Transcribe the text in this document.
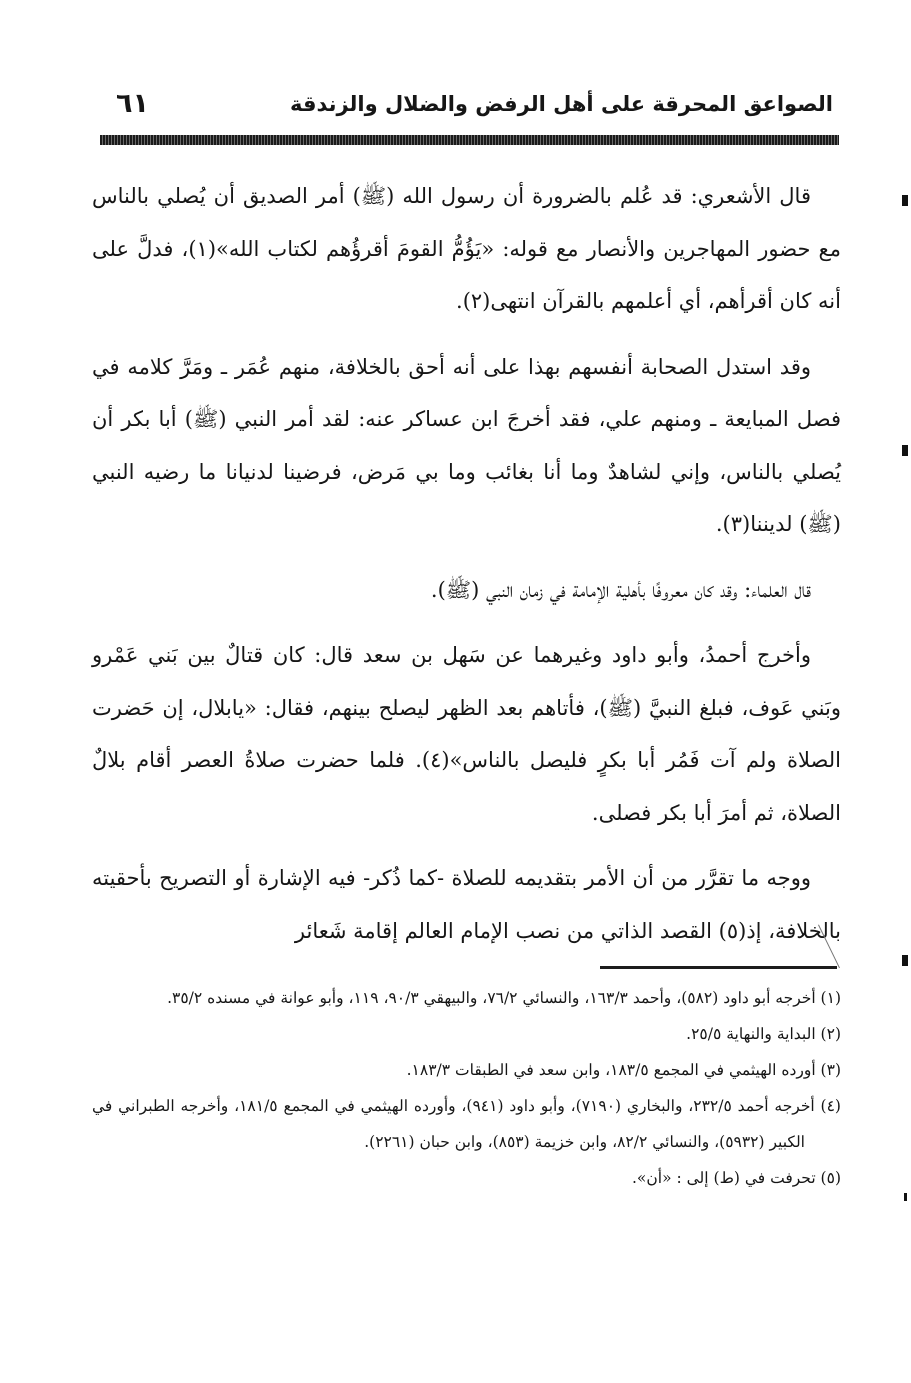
الصواعق المحرقة على أهل الرفض والضلال والزندقة
٦١

قال الأشعري: قد عُلم بالضرورة أن رسول الله (ﷺ) أمر الصديق أن يُصلي بالناس مع حضور المهاجرين والأنصار مع قوله: «يَؤُمُّ القومَ أقرؤُهم لكتاب الله»(١)، فدلَّ على أنه كان أقرأهم، أي أعلمهم بالقرآن انتهى(٢).

وقد استدل الصحابة أنفسهم بهذا على أنه أحق بالخلافة، منهم عُمَر ـ ومَرَّ كلامه في فصل المبايعة ـ ومنهم علي، فقد أخرجَ ابن عساكر عنه: لقد أمر النبي (ﷺ) أبا بكر أن يُصلي بالناس، وإني لشاهدٌ وما أنا بغائب وما بي مَرض، فرضينا لدنيانا ما رضيه النبي (ﷺ) لديننا(٣).

قال العلماء: وقد كان معروفًا بأهلية الإمامة في زمان النبي (ﷺ).

وأخرج أحمدُ، وأبو داود وغيرهما عن سَهل بن سعد قال: كان قتالٌ بين بَني عَمْرو وبَني عَوف، فبلغ النبيَّ (ﷺ)، فأتاهم بعد الظهر ليصلح بينهم، فقال: «يابلال، إن حَضرت الصلاة ولم آت فَمُر أبا بكرٍ فليصل بالناس»(٤). فلما حضرت صلاةُ العصر أقام بلالٌ الصلاة، ثم أمرَ أبا بكر فصلى.

ووجه ما تقرَّر من أن الأمر بتقديمه للصلاة -كما ذُكر- فيه الإشارة أو التصريح بأحقيته بالخلافة، إذ(٥) القصد الذاتي من نصب الإمام العالم إقامة شَعائر

(١) أخرجه أبو داود (٥٨٢)، وأحمد ١٦٣/٣، والنسائي ٧٦/٢، والبيهقي ٩٠/٣، ١١٩، وأبو عوانة في مسنده ٣٥/٢.

(٢) البداية والنهاية ٢٥/٥.

(٣) أورده الهيثمي في المجمع ١٨٣/٥، وابن سعد في الطبقات ١٨٣/٣.

(٤) أخرجه أحمد ٢٣٢/٥، والبخاري (٧١٩٠)، وأبو داود (٩٤١)، وأورده الهيثمي في المجمع ١٨١/٥، وأخرجه الطبراني في الكبير (٥٩٣٢)، والنسائي ٨٢/٢، وابن خزيمة (٨٥٣)، وابن حبان (٢٢٦١).

(٥) تحرفت في (ط) إلى : «أن».
